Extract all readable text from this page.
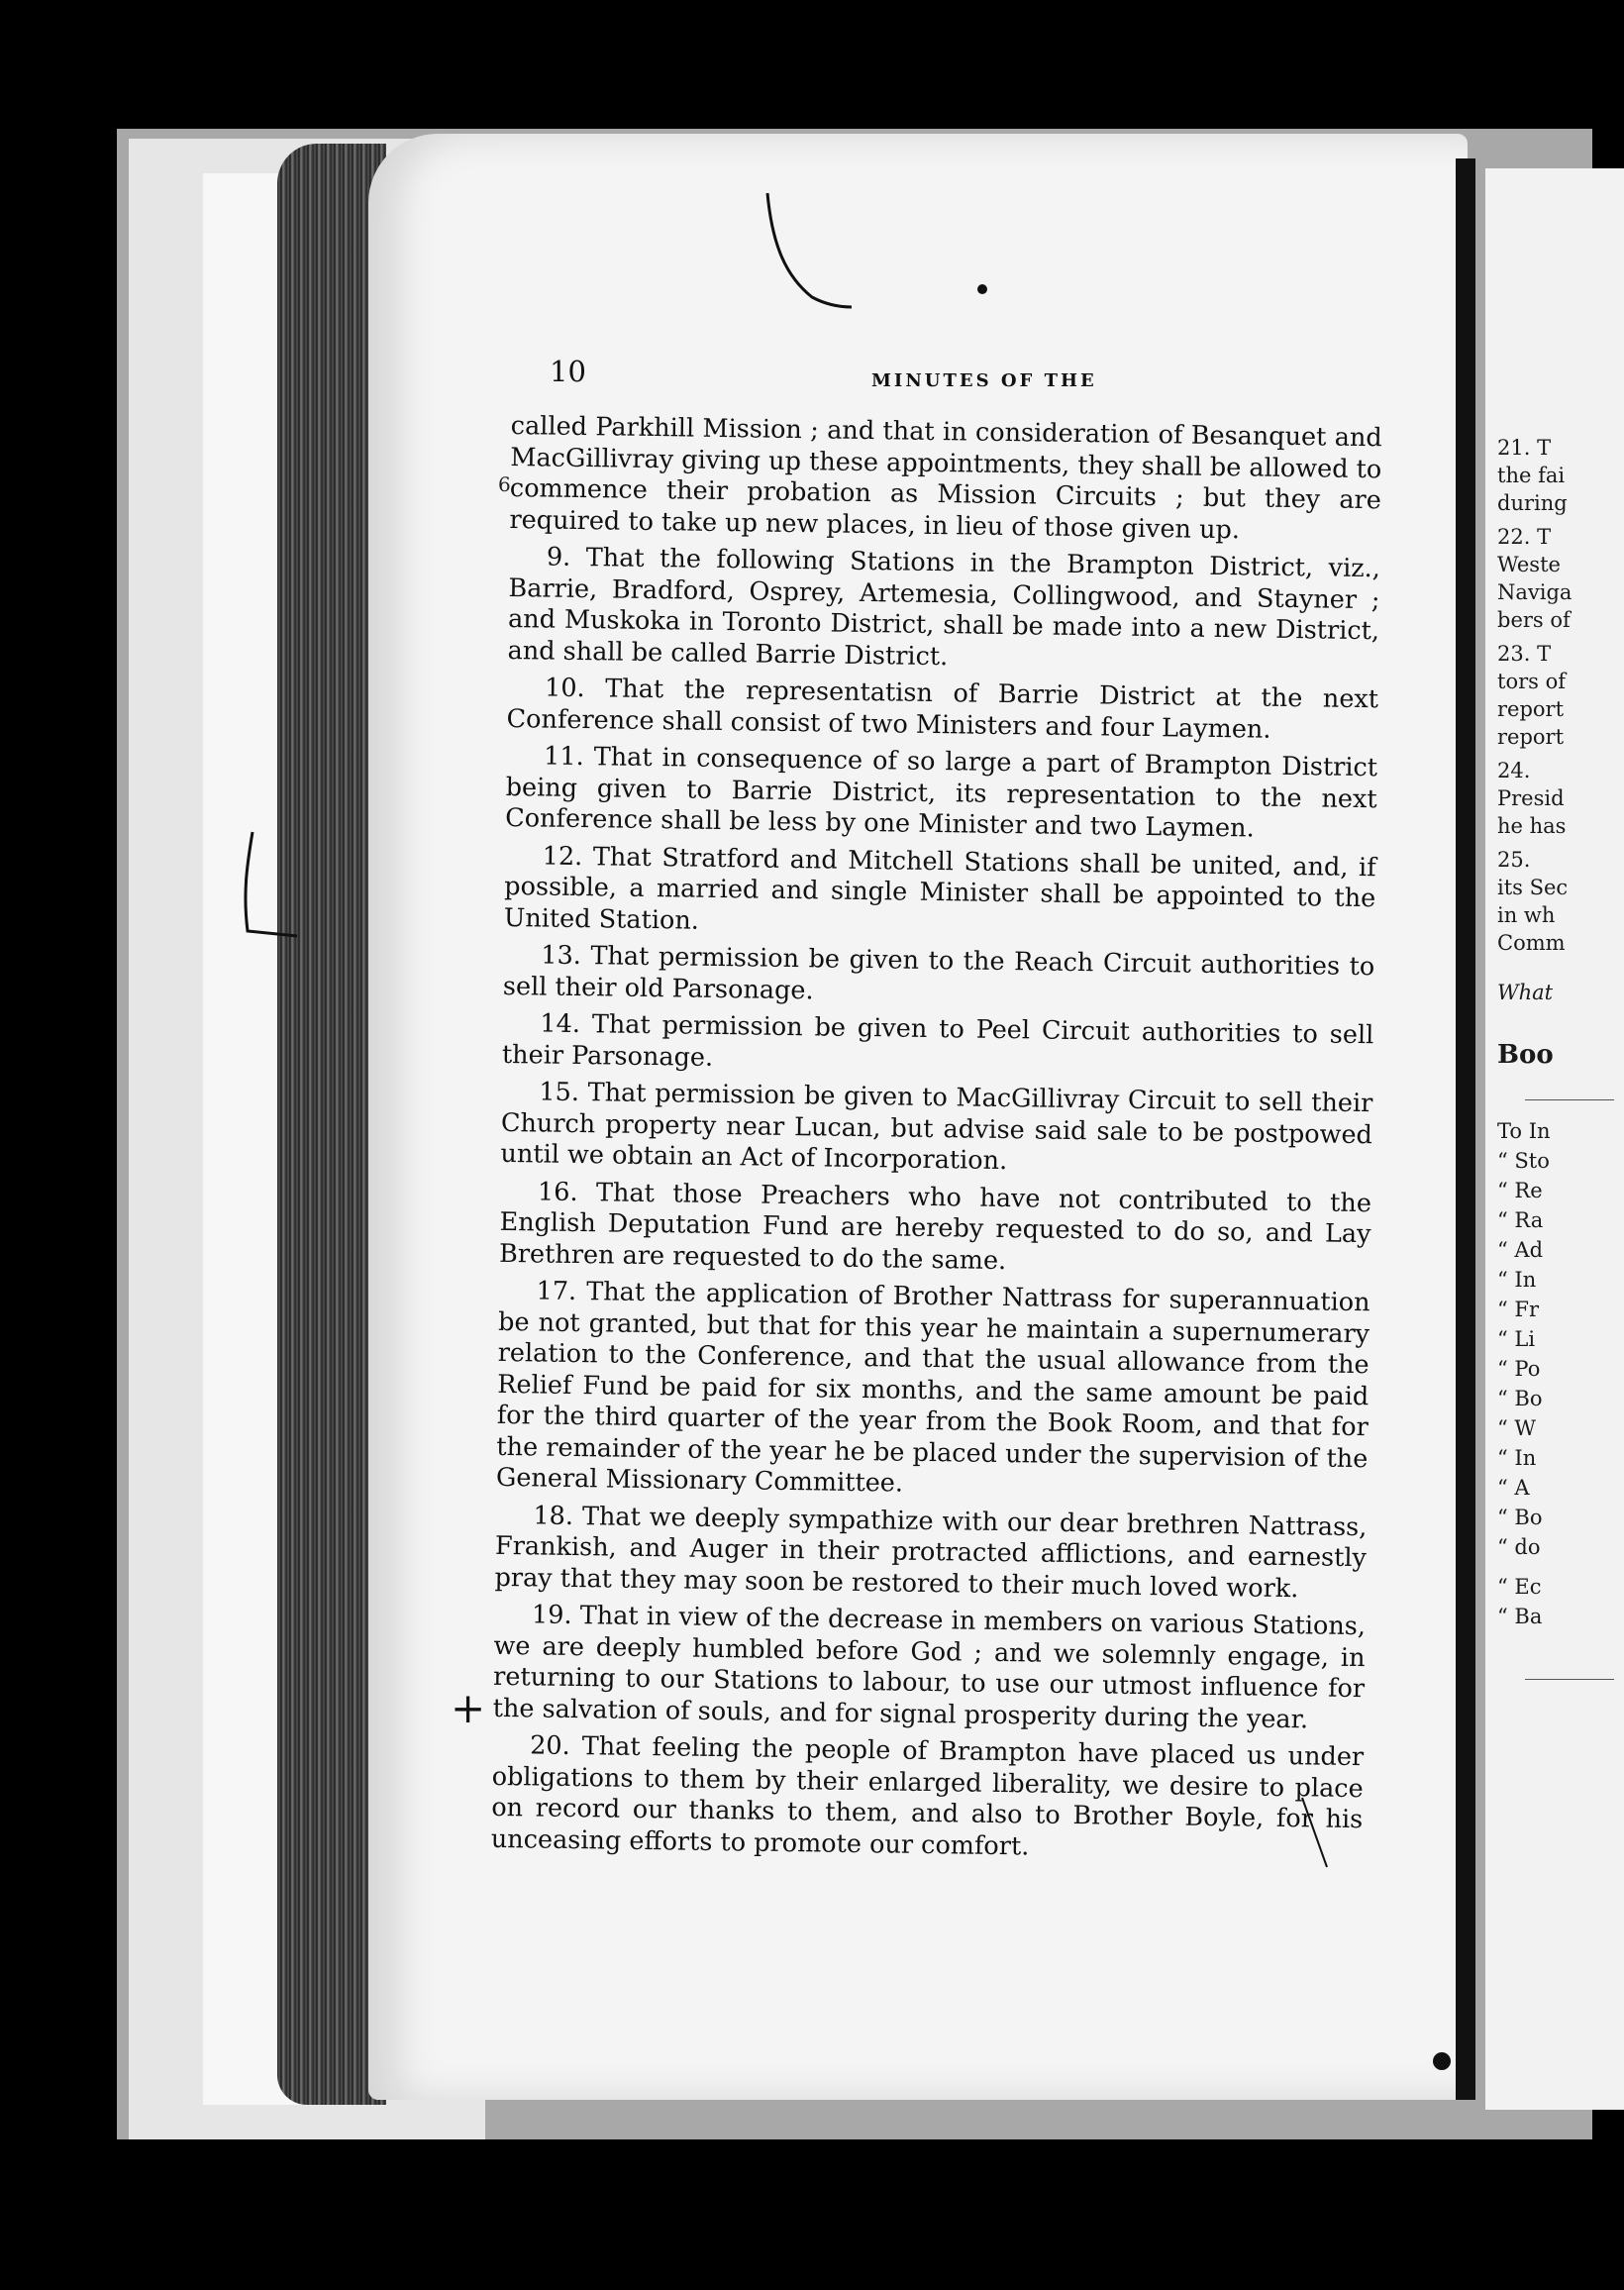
10	MINUTES OF THE

called Parkhill Mission ; and that in consideration of Besanquet and MacGillivray giving up these appointments, they shall be allowed to commence their probation as Mission Circuits ; but they are required to take up new places, in lieu of those given up.

9. That the following Stations in the Brampton District, viz., Barrie, Bradford, Osprey, Artemesia, Collingwood, and Stayner ; and Muskoka in Toronto District, shall be made into a new District, and shall be called Barrie District.

10. That the representatisn of Barrie District at the next Conference shall consist of two Ministers and four Laymen.

11. That in consequence of so large a part of Brampton District being given to Barrie District, its representation to the next Conference shall be less by one Minister and two Laymen.

12. That Stratford and Mitchell Stations shall be united, and, if possible, a married and single Minister shall be appointed to the United Station.

13. That permission be given to the Reach Circuit authorities to sell their old Parsonage.

14. That permission be given to Peel Circuit authorities to sell their Parsonage.

15. That permission be given to MacGillivray Circuit to sell their Church property near Lucan, but advise said sale to be postpowed until we obtain an Act of Incorporation.

16. That those Preachers who have not contributed to the English Deputation Fund are hereby requested to do so, and Lay Brethren are requested to do the same.

17. That the application of Brother Nattrass for superannuation be not granted, but that for this year he maintain a supernumerary relation to the Conference, and that the usual allowance from the Relief Fund be paid for six months, and the same amount be paid for the third quarter of the year from the Book Room, and that for the remainder of the year he be placed under the supervision of the General Missionary Committee.

18. That we deeply sympathize with our dear brethren Nattrass, Frankish, and Auger in their protracted afflictions, and earnestly pray that they may soon be restored to their much loved work.

19. That in view of the decrease in members on various Stations, we are deeply humbled before God ; and we solemnly engage, in returning to our Stations to labour, to use our utmost influence for the salvation of souls, and for signal prosperity during the year.

20. That feeling the people of Brampton have placed us under obligations to them by their enlarged liberality, we desire to place on record our thanks to them, and also to Brother Boyle, for his unceasing efforts to promote our comfort.

6
+
21. T
the fai
during
22. T
Weste
Naviga
bers of
23. T
tors of
report
report
24.
Presid
he has
25.
its Sec
in wh
Comm
What
Boo
To In
“ Sto
“ Re
“ Ra
“ Ad
“ In
“ Fr
“ Li
“ Po
“ Bo
“ W
“ In
“ A
“ Bo
“ do
“ Ec
“ Ba
